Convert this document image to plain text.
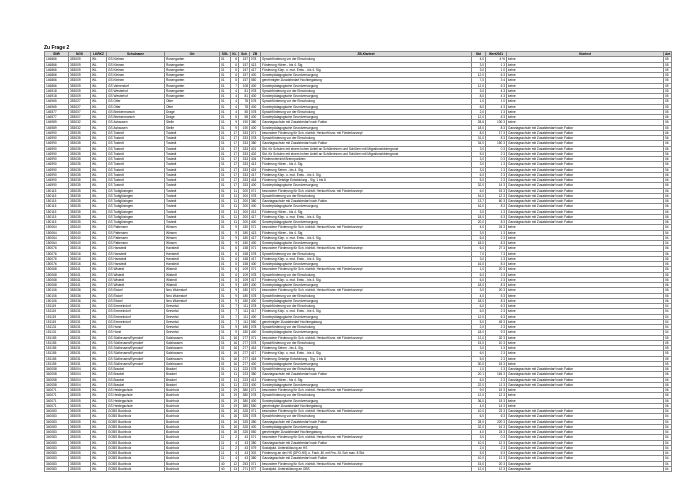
Zu Frage 2
SNR	NGS	LKRKZ	Schulname	Ort	SGL	KL	Sch	ZB	ZB-Klartext	Std	Wert2021	Klartext	Ant
146866	353009	WL	GS Kleinen	Rosengarten	01	6	157	078	Sprachförderung vor der Einschulung	4,0	4 %	keine	05
146866	353009	WL	GS Kleinen	Rosengarten	01	6	157	413	Förderung Hören - bis 4. Sig.	3,0	1 3	keine	05
146866	353009	WL	GS Kleinen	Rosengarten	01	6	157	417	Förderung Körp. u. mot. Entw. - bis 4. Sig.	3,0	1 0	keine	05
146866	353009	WL	GS Kleinen	Rosengarten	01	6	157	400	Sonderpädagogische Grundversorgung	12,0	6 3	keine	05
146866	353009	WL	GS Kleinen	Rosengarten	01	6	157	550	genehmigter Zusatzbedarf Hochbegabung	7,0	3 4	keine	05
146866	353009	WL	GS Vahrendorf	Rosengarten	01	7	108	400	Sonderpädagogische Grundversorgung	12,0	6 3	keine	05
146918	353009	WL	GS Westerhof	Rosengarten	01	4	81	078	Sprachförderung vor der Einschulung	3,0	4 3	keine	05
146918	353009	WL	GS Westerhof	Rosengarten	01	4	81	400	Sonderpädagogische Grundversorgung	8,0	4 3	keine	05
146965	353027	WL	GS Otter	Otter	01	4	78	078	Sprachförderung vor der Einschulung	1,0	1 0	keine	05
146965	353027	WL	GS Otter	Otter	01	4	78	400	Sonderpädagogische Grundversorgung	8,0	4 3	keine	05
146577	353007	WL	GS Brinkenmarsch	Drage	01	4	55	078	Sprachförderung vor der Einschulung	2,0	1 3	keine	05
146577	353007	WL	GS Brinkenmarsch	Drage	01	6	58	400	Sonderpädagogische Grundversorgung	12,0	6 3	keine	06
146989	353032	WL	GS Ashausen	Stelle	01	9	190	380	Ganztagsschule mit Zusatzbedarf nach Faktor	28,6	130 3	keine	06
146989	353032	WL	GS Ashausen	Stelle	01	9	190	400	Sonderpädagogische Grundversorgung	18,0	8 3	Ganztagsschule mit Zusatzbedarf nach Faktor	05
146990	353035	WL	GS Tostedt	Tostedt	01	17	333	071	besondere Förderung für Sch. nichtdt. Herkunft bzw. mit Förderkonzept	8,0	17 3	Ganztagsschule mit Zusatzbedarf nach Faktor	06
146990	353035	WL	GS Tostedt	Tostedt	01	17	333	078	Sprachförderung vor der Einschulung	31,0	8 3	Ganztagsschule mit Zusatzbedarf nach Faktor	06
146990	353035	WL	GS Tostedt	Tostedt	01	17	333	380	Ganztagsschule mit Zusatzbedarf nach Faktor	34,0	150 3	Ganztagsschule mit Zusatzbedarf nach Faktor	06
146990	353035	WL	GS Tostedt	Tostedt	01	17	333	401	Std. für Schulen mit einem hohen Anteil an Schülerinnen und Schülern mit Migrationshintergrund	3,0	0 3	Ganztagsschule mit Zusatzbedarf nach Faktor	06
146990	353035	WL	GS Tostedt	Tostedt	01	17	333	402	Std. für Schulen mit einem hohen Anteil an Schülerinnen und Schülern mit Migrationshintergrund	5,0	2 3	Ganztagsschule mit Zusatzbedarf nach Faktor	06
146990	353035	WL	GS Tostedt	Tostedt	01	17	333	404	Förderunterricht Brennpunkten	3,0	0 3	Ganztagsschule mit Zusatzbedarf nach Faktor	06
146990	353035	WL	GS Tostedt	Tostedt	01	17	333	413	Förderung Hören - bis 4. Sig.	3,0	1 3	Ganztagsschule mit Zusatzbedarf nach Faktor	06
146990	353035	WL	GS Tostedt	Tostedt	01	17	333	415	Förderung Sehen - bis 4. Sig.	3,0	1 3	Ganztagsschule mit Zusatzbedarf nach Faktor	06
146990	353035	WL	GS Tostedt	Tostedt	01	17	333	417	Förderung Körp. u. mot. Entw. - bis 4. Sig.	6,0	2 3	Ganztagsschule mit Zusatzbedarf nach Faktor	06
146990	353035	WL	GS Tostedt	Tostedt	01	17	333	418	Förderung Geistige Entwicklung - Sig. 1 bis 8	5,0	2 3	Ganztagsschule mit Zusatzbedarf nach Faktor	06
146990	353035	WL	GS Tostedt	Tostedt	01	17	333	400	Sonderpädagogische Grundversorgung	32,0	14 3	Ganztagsschule mit Zusatzbedarf nach Faktor	06
150115	353035	WL	GS Todtglüsingen	Tostedt	01	11	200	071	besondere Förderung für Sch. nichtdt. Herkunft bzw. mit Förderkonzept	6,0	15 3	Ganztagsschule mit Zusatzbedarf nach Faktor	06
150115	353035	WL	GS Todtglüsingen	Tostedt	01	11	200	078	Sprachförderung vor der Einschulung	16,0	12 3	Ganztagsschule mit Zusatzbedarf nach Faktor	06
150115	353035	WL	GS Todtglüsingen	Tostedt	01	11	200	380	Ganztagsschule mit Zusatzbedarf nach Faktor	13,7	60 3	Ganztagsschule mit Zusatzbedarf nach Faktor	06
150115	353035	WL	GS Todtglüsingen	Tostedt	01	11	200	400	Sonderpädagogische Grundversorgung	16,0	8 3	Ganztagsschule mit Zusatzbedarf nach Faktor	06
150115	353035	WL	GS Todtglüsingen	Tostedt	01	11	200	413	Förderung Hören - bis 4. Sig.	3,0	1 3	Ganztagsschule mit Zusatzbedarf nach Faktor	06
150115	353035	WL	GS Todtglüsingen	Tostedt	01	11	200	417	Förderung Körp. u. mot. Entw. - bis 4. Sig.	18,0	6 3	Ganztagsschule mit Zusatzbedarf nach Faktor	06
150115	353035	WL	GS Todtglüsingen	Tostedt	01	11	200	400	Sonderpädagogische Grundversorgung	20,0	8 3	Ganztagsschule mit Zusatzbedarf nach Faktor	06
150064	353040	WL	GS Pattensen	Winsen	01	9	180	071	besondere Förderung für Sch. nichtdt. Herkunft bzw. mit Förderkonzept	4,0	24 3	keine	04
150064	353040	WL	GS Pattensen	Winsen	01	9	180	413	Förderung Hören - bis 4. Sig.	3,0	1 3	keine	04
150064	353040	WL	GS Pattensen	Winsen	01	9	180	417	Förderung Körp. u. mot. Entw. - bis 4. Sig.	6,0	2 3	keine	04
150064	353040	WL	GS Pattensen	Winsen	01	9	180	400	Sonderpädagogische Grundversorgung	18,0	8 3	keine	04
150076	353016	WL	GS Hanstedt	Hanstedt	01	6	158	071	besondere Förderung für Sch. nichtdt. Herkunft bzw. mit Förderkonzept	6,0	27 3	keine	06
150076	353016	WL	GS Hanstedt	Hanstedt	01	6	158	078	Sprachförderung vor der Einschulung	7,0	7 3	keine	06
150076	353016	WL	GS Hanstedt	Hanstedt	01	6	158	417	Förderung Körp. u. mot. Entw. - bis 4. Sig.	3,0	1 3	keine	06
150076	353016	WL	GS Hanstedt	Hanstedt	01	6	158	400	Sonderpädagogische Grundversorgung	16,0	8 3	keine	06
150068	353041	WL	GS Wistedt	Wistedt	01	6	109	071	besondere Förderung für Sch. nichtdt. Herkunft bzw. mit Förderkonzept	1,0	20 3	keine	06
150068	353041	WL	GS Wistedt	Wistedt	01	6	109	078	Sprachförderung vor der Einschulung	6,0	3 3	keine	06
150068	353041	WL	GS Wistedt	Wistedt	01	6	109	417	Förderung Körp. u. mot. Entw. - bis 4. Sig.	6,0	2 3	keine	06
150068	353041	WL	GS Wistedt	Wistedt	01	9	189	400	Sonderpädagogische Grundversorgung	18,0	8 3	keine	06
150106	353036	WL	GS Elstorf	Neu Wulmstorf	01	9	180	071	besondere Förderung für Sch. nichtdt. Herkunft bzw. mit Förderkonzept	3,0	20 3	keine	06
150106	353036	WL	GS Elstorf	Neu Wulmstorf	01	9	180	078	Sprachförderung vor der Einschulung	4,0	5 3	keine	06
150106	353036	WL	GS Elstorf	Neu Wulmstorf	01	9	180	400	Sonderpädagogische Grundversorgung	18,0	8 3	keine	06
151119	353031	WL	GS Emmelndorf	Seevetal	01	7	111	078	Sprachförderung vor der Einschulung	6,0	6 3	keine	04
151119	353031	WL	GS Emmelndorf	Seevetal	01	7	111	417	Förderung Körp. u. mot. Entw. - bis 4. Sig.	6,0	2 3	keine	04
151119	353031	WL	GS Emmelndorf	Seevetal	01	7	111	400	Sonderpädagogische Grundversorgung	12,0	6 3	keine	04
151119	353031	WL	GS Emmelndorf	Seevetal	01	7	111	550	genehmigter Zusatzbedarf Hochbegabung	5,0	45 3	keine	04
151131	353031	WL	GS Horst	Seevetal	01	9	180	078	Sprachförderung vor der Einschulung	2,0	2 3	keine	04
151131	353031	WL	GS Horst	Seevetal	01	9	180	400	Sonderpädagogische Grundversorgung	18,0	9 3	keine	04
151155	353031	WL	GS Südheusen/Eyendorf	Salzhausen	01	16	277	071	besondere Förderung für Sch. nichtdt. Herkunft bzw. mit Förderkonzept	12,0	32 3	keine	05
151155	353031	WL	GS Südheusen/Eyendorf	Salzhausen	01	16	277	078	Sprachförderung vor der Einschulung	15,0	10 3	keine	05
151155	353031	WL	GS Südheusen/Eyendorf	Salzhausen	01	16	277	415	Förderung Sehen - bis 4. Sig.	3,0	1 3	keine	05
151155	353031	WL	GS Südheusen/Eyendorf	Salzhausen	01	16	277	417	Förderung Körp. u. mot. Entw. - bis 4. Sig.	6,0	2 3	keine	05
151155	353031	WL	GS Südheusen/Eyendorf	Salzhausen	01	16	277	418	Förderung Geistige Entwicklung - Sig. 1 bis 8	5,0	2 3	keine	05
151155	353031	WL	GS Südheusen/Eyendorf	Salzhausen	01	16	277	400	Sonderpädagogische Grundversorgung	30,0	15 3	keine	05
340058	353004	WL	GS Brackel	Brackel	01	11	223	078	Sprachförderung vor der Einschulung	1,0	1 3	Ganztagsschule mit Zusatzbedarf nach Faktor	06
340058	353004	WL	GS Brackel	Brackel	01	11	223	380	Ganztagsschule mit Zusatzbedarf nach Faktor	20,1	164 3	Ganztagsschule mit Zusatzbedarf nach Faktor	06
340058	353004	WL	GS Brackel	Brackel	01	11	223	413	Förderung Hören - bis 4. Sig.	6,0	2 3	Ganztagsschule mit Zusatzbedarf nach Faktor	06
340058	353004	WL	GS Brackel	Brackel	01	11	223	400	Sonderpädagogische Grundversorgung	22,0	11 3	Ganztagsschule mit Zusatzbedarf nach Faktor	06
340071	353005	WL	GS Heidegschule	Buchholz	01	19	380	071	besondere Förderung für Sch. nichtdt. Herkunft bzw. mit Förderkonzept	9,0	19 3	keine	06
340071	353005	WL	GS Heidegschule	Buchholz	01	19	380	078	Sprachförderung vor der Einschulung	12,0	12 3	keine	06
340071	353005	WL	GS Heidegschule	Buchholz	01	19	380	400	Sonderpädagogische Grundversorgung	36,0	15 3	keine	06
340071	353005	WL	GS Heidegschule	Buchholz	01	19	380	550	genehmigter Zusatzbedarf Hochbegabung	4,0	14 3	keine	06
340083	353005	WL	GOBS Buchholz	Buchholz	01	16	325	071	besondere Förderung für Sch. nichtdt. Herkunft bzw. mit Förderkonzept	10,0	23 3	Ganztagsschule mit Zusatzbedarf nach Faktor	04
340083	353005	WL	GOBS Buchholz	Buchholz	01	16	325	078	Sprachförderung vor der Einschulung	6,0	6 3	Ganztagsschule mit Zusatzbedarf nach Faktor	04
340083	353005	WL	GOBS Buchholz	Buchholz	01	16	325	380	Ganztagsschule mit Zusatzbedarf nach Faktor	28,0	220 3	Ganztagsschule mit Zusatzbedarf nach Faktor	04
340083	353005	WL	GOBS Buchholz	Buchholz	01	16	325	400	Sonderpädagogische Grundversorgung	32,0	16 3	Ganztagsschule mit Zusatzbedarf nach Faktor	04
340083	353005	WL	GOBS Buchholz	Buchholz	01	16	325	550	genehmigter Zusatzbedarf Hochbegabung	4,0	24 3	Ganztagsschule mit Zusatzbedarf nach Faktor	04
340083	353005	WL	GOBS Buchholz	Buchholz	11	2	43	071	besondere Förderung für Sch. nichtdt. Herkunft bzw. mit Förderkonzept	3,0	0 3	Ganztagsschule mit Zusatzbedarf nach Faktor	04
340083	353005	WL	GOBS Buchholz	Buchholz	11	4	43	380	Ganztagsschule mit Zusatzbedarf nach Faktor	10,0	12 3	Ganztagsschule mit Zusatzbedarf nach Faktor	04
340083	353005	WL	GOBS Buchholz	Buchholz	11	2	43	079	Sozialpäd. Unterstützung an HS	2,0	2 3	Ganztagsschule mit Zusatzbedarf nach Faktor	04
340083	353005	WL	GOBS Buchholz	Buchholz	11	4	43	302	Förderung an der HS (DPO-HS) u. Fach.-Bl. mit Frw.-St. Sch max. 8 Std.	5,0	6 3	Ganztagsschule mit Zusatzbedarf nach Faktor	04
340083	353005	WL	GOBS Buchholz	Buchholz	11	4	43	380	Ganztagsschule mit Zusatzbedarf nach Faktor	10,0	12 3	Ganztagsschule mit Zusatzbedarf nach Faktor	04
340083	353005	WL	GOBS Buchholz	Buchholz	40	12	253	071	besondere Förderung für Sch. nichtdt. Herkunft bzw. mit Förderkonzept	15,0	20 3	Ganztagsschule	04
340083	353005	WL	GOBS Buchholz	Buchholz	40	13	271	077	Sozialpäd. Unterstützung an OBS	12,0	12 3	Ganztagsschule	04
